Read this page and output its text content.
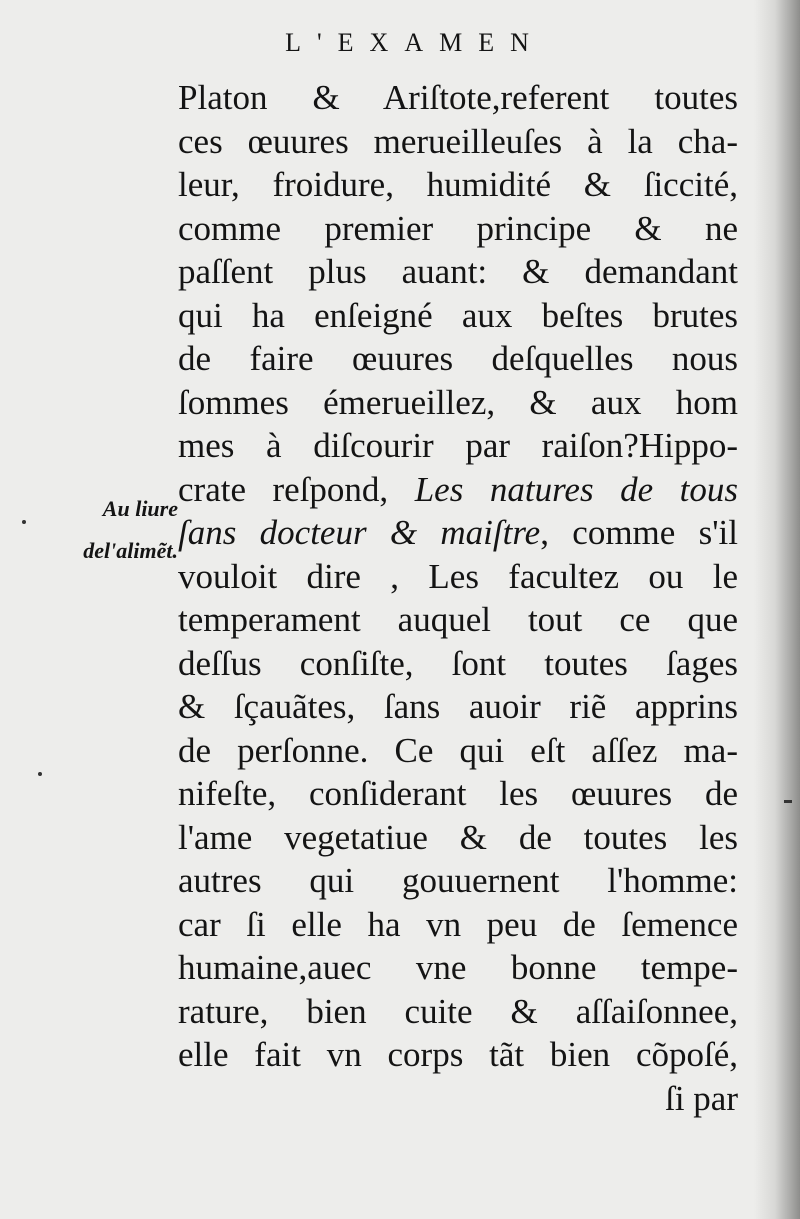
L'EXAMEN
Au liure
del'alimẽt.
Platon & Ariſtote,referent toutes
ces œuures merueilleuſes à la cha-
leur, froidure, humidité & ſiccité,
comme premier principe & ne
paſſent plus auant: & demandant
qui ha enſeigné aux beſtes brutes
de faire œuures deſquelles nous
ſommes émerueillez, & aux hom
mes à diſcourir par raiſon?Hippo-
crate reſpond, Les natures de tous
ſans docteur & maiſtre, comme s'il
vouloit dire , Les facultez ou le
temperament auquel tout ce que
deſſus conſiſte, ſont toutes ſages
& ſçauãtes, ſans auoir riẽ apprins
de perſonne. Ce qui eſt aſſez ma-
nifeſte, conſiderant les œuures de
l'ame vegetatiue & de toutes les
autres qui gouuernent l'homme:
car ſi elle ha vn peu de ſemence
humaine,auec vne bonne tempe-
rature, bien cuite & aſſaiſonnee,
elle fait vn corps tãt bien cõpoſé,
ſi par
